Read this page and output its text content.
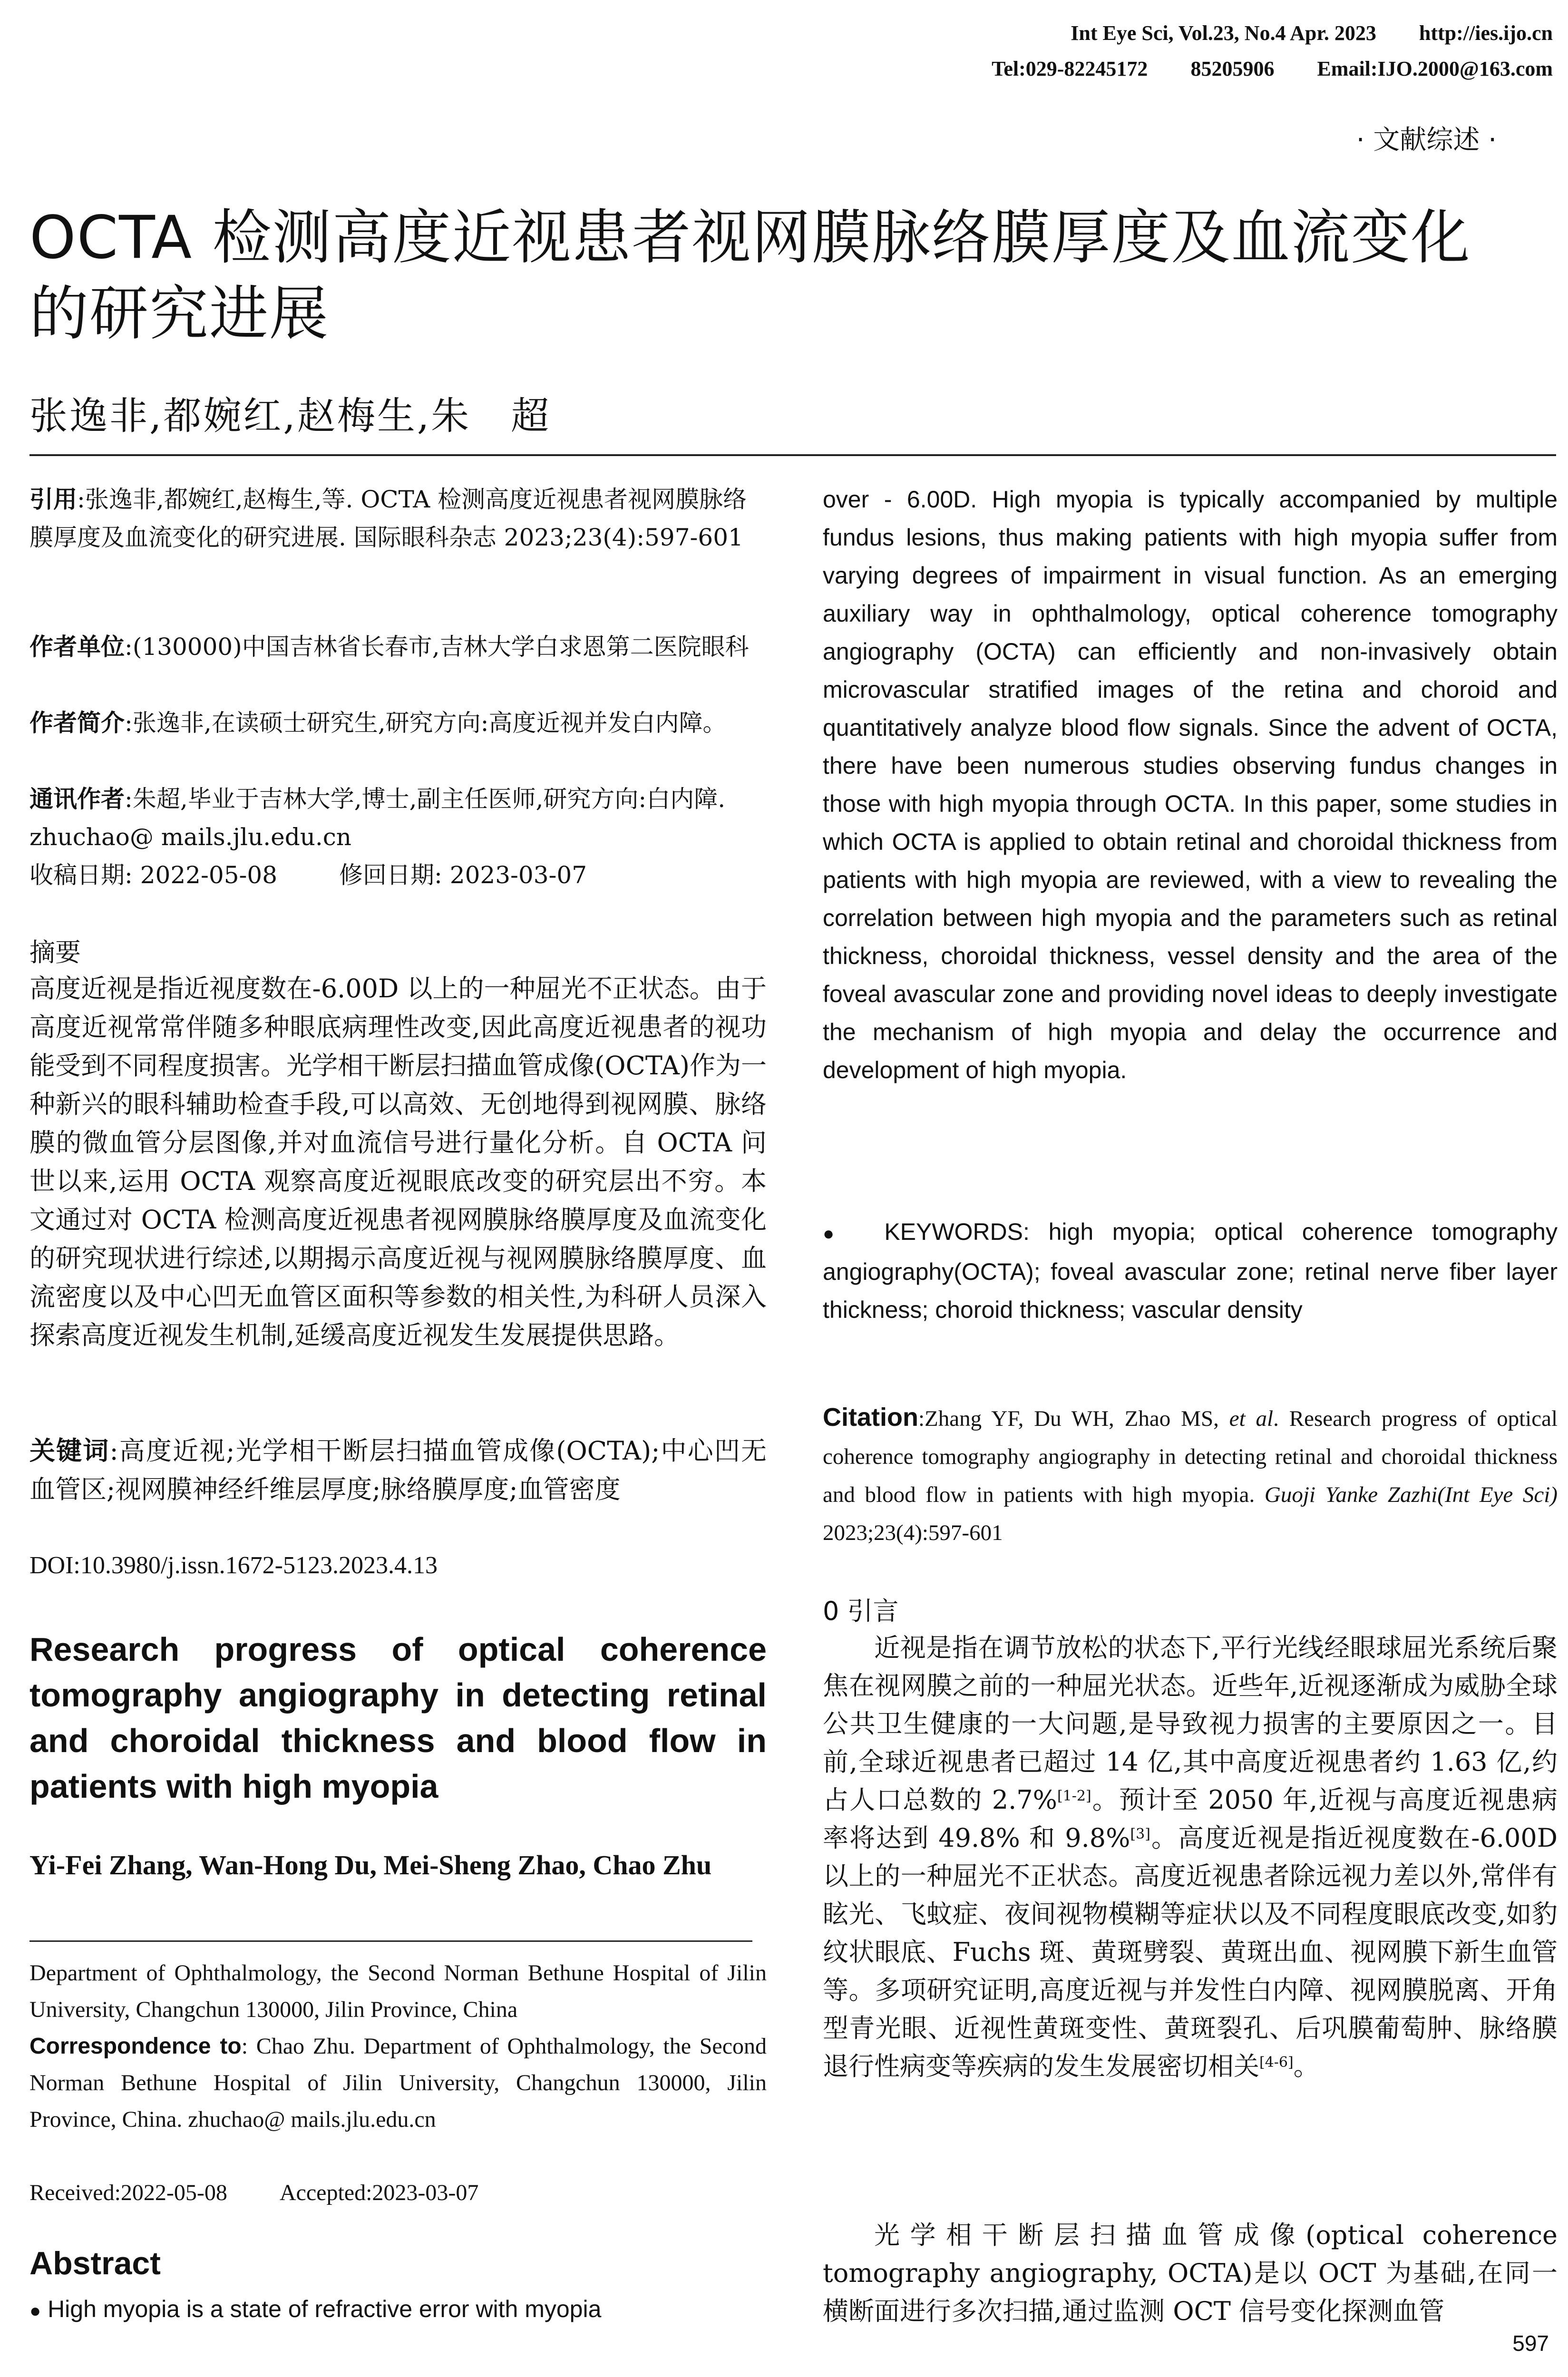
Int Eye Sci, Vol.23, No.4 Apr. 2023 http://ies.ijo.cn
Tel:029-82245172 85205906 Email:IJO.2000@163.com
· 文献综述 ·
OCTA 检测高度近视患者视网膜脉络膜厚度及血流变化的研究进展
张逸非,都婉红,赵梅生,朱　超
引用:张逸非,都婉红,赵梅生,等. OCTA 检测高度近视患者视网膜脉络膜厚度及血流变化的研究进展. 国际眼科杂志 2023;23(4):597-601
作者单位:(130000)中国吉林省长春市,吉林大学白求恩第二医院眼科
作者简介:张逸非,在读硕士研究生,研究方向:高度近视并发白内障。
通讯作者:朱超,毕业于吉林大学,博士,副主任医师,研究方向:白内障. zhuchao@ mails.jlu.edu.cn
收稿日期: 2022-05-08	修回日期: 2023-03-07
摘要
高度近视是指近视度数在-6.00D 以上的一种屈光不正状态。由于高度近视常常伴随多种眼底病理性改变,因此高度近视患者的视功能受到不同程度损害。光学相干断层扫描血管成像(OCTA)作为一种新兴的眼科辅助检查手段,可以高效、无创地得到视网膜、脉络膜的微血管分层图像,并对血流信号进行量化分析。自 OCTA 问世以来,运用 OCTA 观察高度近视眼底改变的研究层出不穷。本文通过对 OCTA 检测高度近视患者视网膜脉络膜厚度及血流变化的研究现状进行综述,以期揭示高度近视与视网膜脉络膜厚度、血流密度以及中心凹无血管区面积等参数的相关性,为科研人员深入探索高度近视发生机制,延缓高度近视发生发展提供思路。
关键词:高度近视;光学相干断层扫描血管成像(OCTA);中心凹无血管区;视网膜神经纤维层厚度;脉络膜厚度;血管密度
DOI:10.3980/j.issn.1672-5123.2023.4.13
Research progress of optical coherence tomography angiography in detecting retinal and choroidal thickness and blood flow in patients with high myopia
Yi-Fei Zhang, Wan-Hong Du, Mei-Sheng Zhao, Chao Zhu
Department of Ophthalmology, the Second Norman Bethune Hospital of Jilin University, Changchun 130000, Jilin Province, China
Correspondence to: Chao Zhu. Department of Ophthalmology, the Second Norman Bethune Hospital of Jilin University, Changchun 130000, Jilin Province, China. zhuchao@ mails.jlu.edu.cn
Received:2022-05-08 Accepted:2023-03-07
Abstract
● High myopia is a state of refractive error with myopia
over - 6.00D. High myopia is typically accompanied by multiple fundus lesions, thus making patients with high myopia suffer from varying degrees of impairment in visual function. As an emerging auxiliary way in ophthalmology, optical coherence tomography angiography (OCTA) can efficiently and non-invasively obtain microvascular stratified images of the retina and choroid and quantitatively analyze blood flow signals. Since the advent of OCTA, there have been numerous studies observing fundus changes in those with high myopia through OCTA. In this paper, some studies in which OCTA is applied to obtain retinal and choroidal thickness from patients with high myopia are reviewed, with a view to revealing the correlation between high myopia and the parameters such as retinal thickness, choroidal thickness, vessel density and the area of the foveal avascular zone and providing novel ideas to deeply investigate the mechanism of high myopia and delay the occurrence and development of high myopia.
● KEYWORDS: high myopia; optical coherence tomography angiography(OCTA); foveal avascular zone; retinal nerve fiber layer thickness; choroid thickness; vascular density
Citation:Zhang YF, Du WH, Zhao MS, et al. Research progress of optical coherence tomography angiography in detecting retinal and choroidal thickness and blood flow in patients with high myopia. Guoji Yanke Zazhi(Int Eye Sci) 2023;23(4):597-601
0 引言
近视是指在调节放松的状态下,平行光线经眼球屈光系统后聚焦在视网膜之前的一种屈光状态。近些年,近视逐渐成为威胁全球公共卫生健康的一大问题,是导致视力损害的主要原因之一。目前,全球近视患者已超过 14 亿,其中高度近视患者约 1.63 亿,约占人口总数的 2.7%[1-2]。预计至 2050 年,近视与高度近视患病率将达到 49.8% 和 9.8%[3]。高度近视是指近视度数在-6.00D 以上的一种屈光不正状态。高度近视患者除远视力差以外,常伴有眩光、飞蚊症、夜间视物模糊等症状以及不同程度眼底改变,如豹纹状眼底、Fuchs 斑、黄斑劈裂、黄斑出血、视网膜下新生血管等。多项研究证明,高度近视与并发性白内障、视网膜脱离、开角型青光眼、近视性黄斑变性、黄斑裂孔、后巩膜葡萄肿、脉络膜退行性病变等疾病的发生发展密切相关[4-6]。
光学相干断层扫描血管成像(optical coherence tomography angiography, OCTA)是以 OCT 为基础,在同一横断面进行多次扫描,通过监测 OCT 信号变化探测血管
597
